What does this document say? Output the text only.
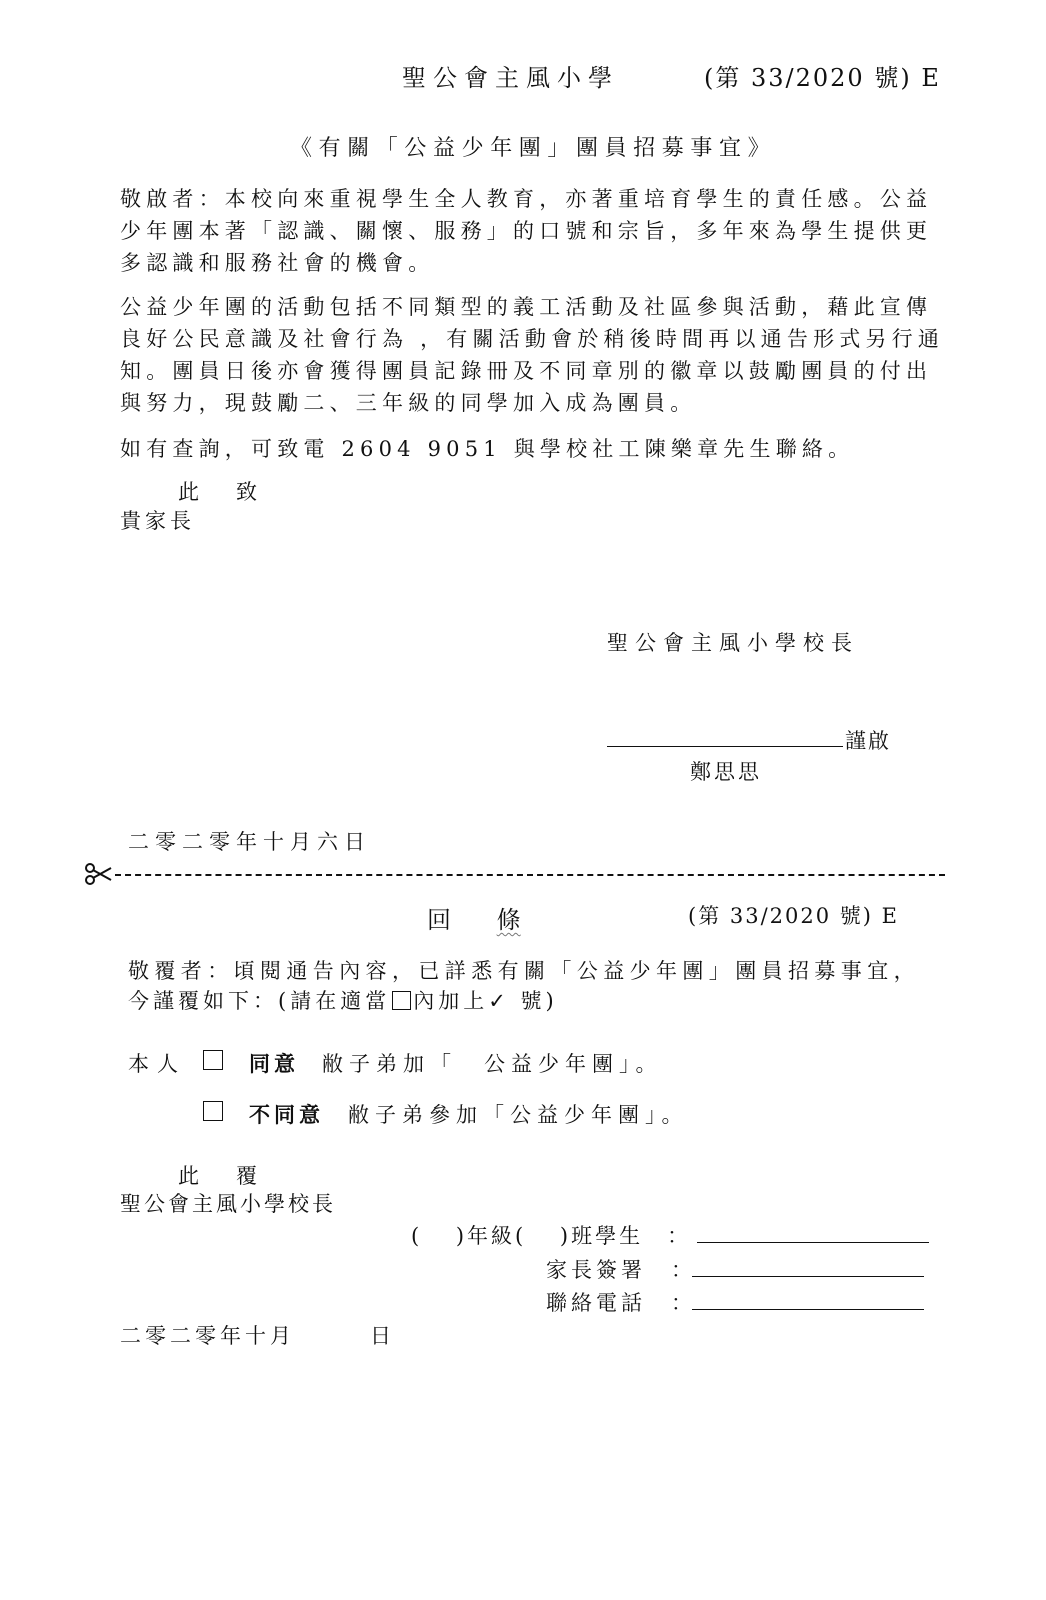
聖公會主風小學	(第 33/2020 號) E
《有關「公益少年團」團員招募事宜》
敬啟者：本校向來重視學生全人教育，亦著重培育學生的責任感。公益少年團本著「認識、關懷、服務」的口號和宗旨，多年來為學生提供更多認識和服務社會的機會。
公益少年團的活動包括不同類型的義工活動及社區參與活動，藉此宣傳良好公民意識及社會行為 ，有關活動會於稍後時間再以通告形式另行通知。團員日後亦會獲得團員記錄冊及不同章別的徽章以鼓勵團員的付出與努力，現鼓勵二、三年級的同學加入成為團員。
如有查詢，可致電 2604 9051 與學校社工陳樂章先生聯絡。
此　致
貴家長
聖公會主風小學校長
謹啟
鄭思思
二零二零年十月六日
回 條	(第 33/2020 號) E
敬覆者：頃閱通告內容，已詳悉有關「公益少年團」團員招募事宜，
今謹覆如下：(請在適當 內加上✓ 號)
本人	同意 敝子弟加「　公益少年團」。
不同意 敝子弟參加「公益少年團」。
此　覆
聖公會主風小學校長
(　 )年級(　 )班學生　：
家長簽署　：
聯絡電話　：
二零二零年十月　　　日
